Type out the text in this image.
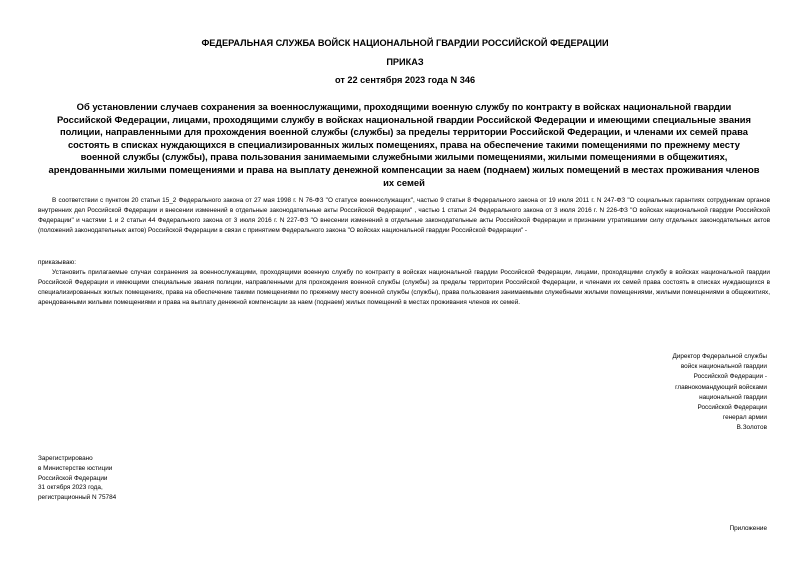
ФЕДЕРАЛЬНАЯ СЛУЖБА ВОЙСК НАЦИОНАЛЬНОЙ ГВАРДИИ РОССИЙСКОЙ ФЕДЕРАЦИИ
ПРИКАЗ
от 22 сентября 2023 года N 346
Об установлении случаев сохранения за военнослужащими, проходящими военную службу по контракту в войсках национальной гвардии Российской Федерации, лицами, проходящими службу в войсках национальной гвардии Российской Федерации и имеющими специальные звания полиции, направленными для прохождения военной службы (службы) за пределы территории Российской Федерации, и членами их семей права состоять в списках нуждающихся в специализированных жилых помещениях, права на обеспечение такими помещениями по прежнему месту военной службы (службы), права пользования занимаемыми служебными жилыми помещениями, жилыми помещениями в общежитиях, арендованными жилыми помещениями и права на выплату денежной компенсации за наем (поднаем) жилых помещений в местах проживания членов их семей
В соответствии с пунктом 20 статьи 15_2 Федерального закона от 27 мая 1998 г. N 76-ФЗ "О статусе военнослужащих", частью 9 статьи 8 Федерального закона от 19 июля 2011 г. N 247-ФЗ "О социальных гарантиях сотрудникам органов внутренних дел Российской Федерации и внесении изменений в отдельные законодательные акты Российской Федерации" , частью 1 статьи 24 Федерального закона от 3 июля 2016 г. N 226-ФЗ "О войсках национальной гвардии Российской Федерации" и частями 1 и 2 статьи 44 Федерального закона от 3 июля 2016 г. N 227-ФЗ "О внесении изменений в отдельные законодательные акты Российской Федерации и признании утратившими силу отдельных законодательных актов (положений законодательных актов) Российской Федерации в связи с принятием Федерального закона "О войсках национальной гвардии Российской Федерации" -
приказываю:
Установить прилагаемые случаи сохранения за военнослужащими, проходящими военную службу по контракту в войсках национальной гвардии Российской Федерации, лицами, проходящими службу в войсках национальной гвардии Российской Федерации и имеющими специальные звания полиции, направленными для прохождения военной службы (службы) за пределы территории Российской Федерации, и членами их семей права состоять в списках нуждающихся в специализированных жилых помещениях, права на обеспечение такими помещениями по прежнему месту военной службы (службы), права пользования занимаемыми служебными жилыми помещениями, жилыми помещениями в общежитиях, арендованными жилыми помещениями и права на выплату денежной компенсации за наем (поднаем) жилых помещений в местах проживания членов их семей.
Директор Федеральной службы
войск национальной гвардии
Российской Федерации -
главнокомандующий войсками
национальной гвардии
Российской Федерации
генерал армии
В.Золотов
Зарегистрировано
в Министерстве юстиции
Российской Федерации
31 октября 2023 года,
регистрационный N 75784
Приложение
